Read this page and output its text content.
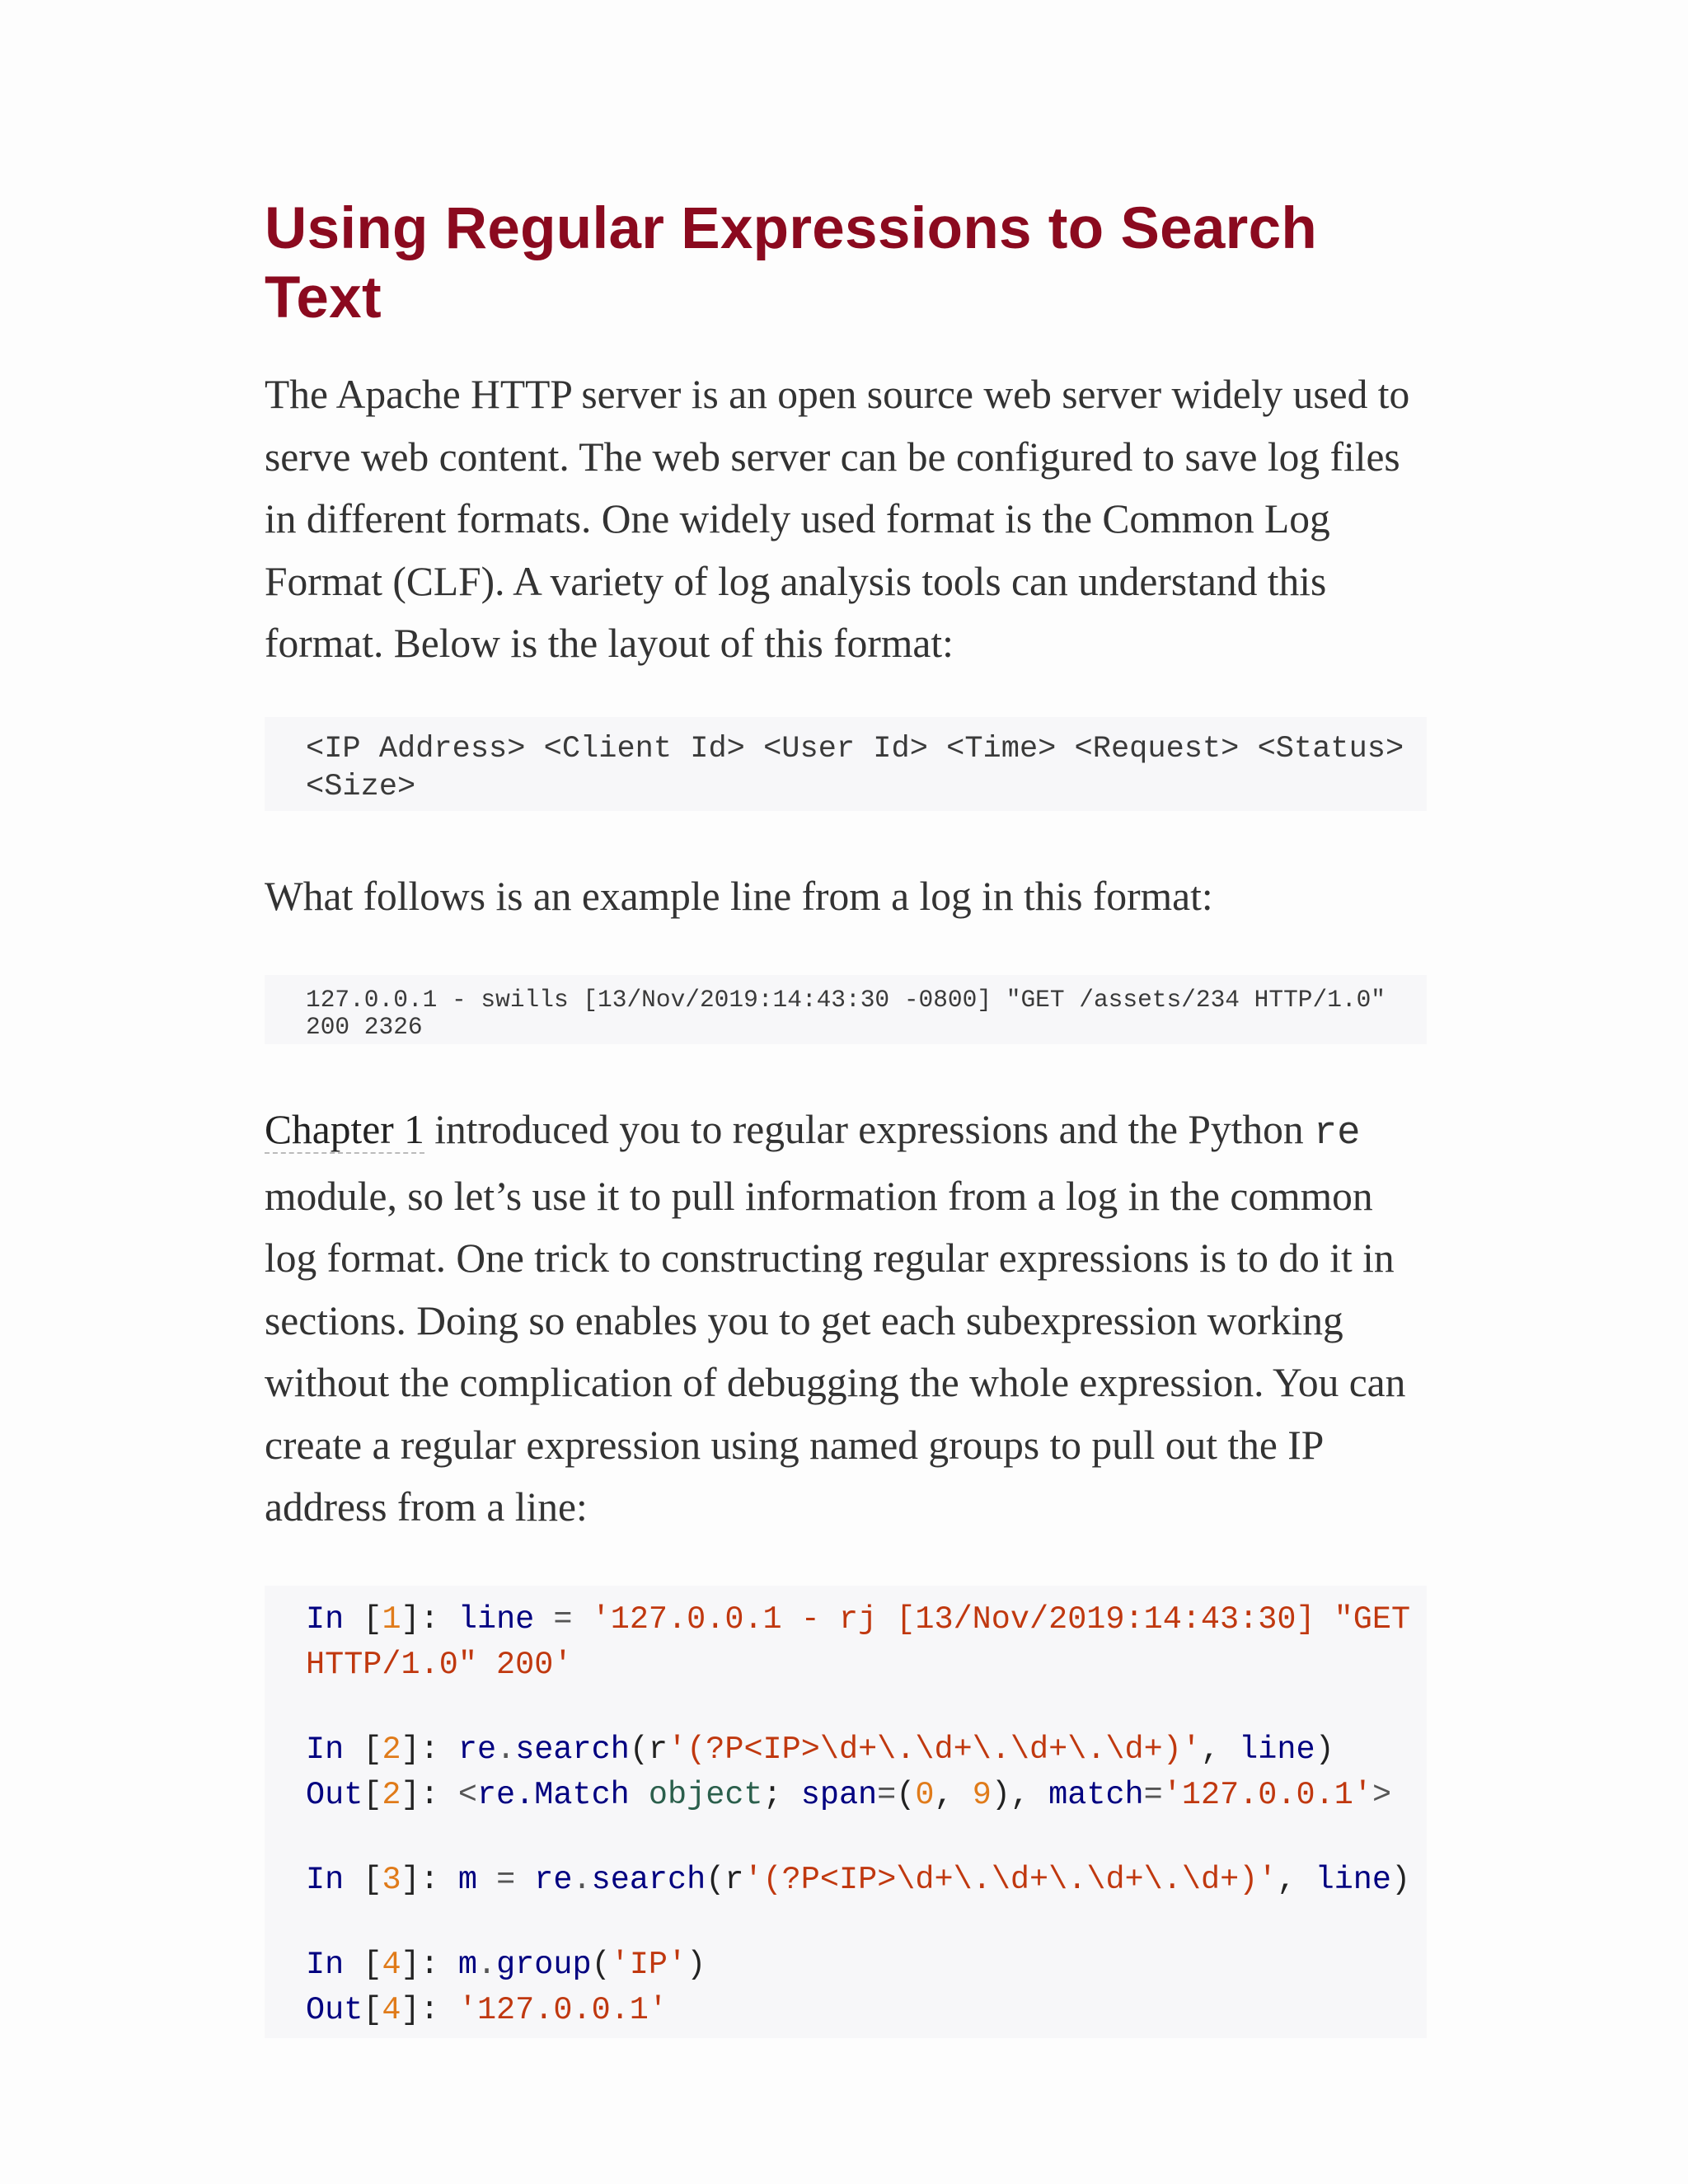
Using Regular Expressions to Search Text

The Apache HTTP server is an open source web server widely used to serve web content. The web server can be configured to save log files in different formats. One widely used format is the Common Log Format (CLF). A variety of log analysis tools can understand this format. Below is the layout of this format:

<IP Address> <Client Id> <User Id> <Time> <Request> <Status>
<Size>

What follows is an example line from a log in this format:

127.0.0.1 - swills [13/Nov/2019:14:43:30 -0800] "GET /assets/234 HTTP/1.0"
200 2326

Chapter 1 introduced you to regular expressions and the Python re module, so let’s use it to pull information from a log in the common log format. One trick to constructing regular expressions is to do it in sections. Doing so enables you to get each subexpression working without the complication of debugging the whole expression. You can create a regular expression using named groups to pull out the IP address from a line:

In [1]: line = '127.0.0.1 - rj [13/Nov/2019:14:43:30] "GET
HTTP/1.0" 200'
In [2]: re.search(r'(?P<IP>\d+\.\d+\.\d+\.\d+)', line)
Out[2]: <re.Match object; span=(0, 9), match='127.0.0.1'>
In [3]: m = re.search(r'(?P<IP>\d+\.\d+\.\d+\.\d+)', line)
In [4]: m.group('IP')
Out[4]: '127.0.0.1'
